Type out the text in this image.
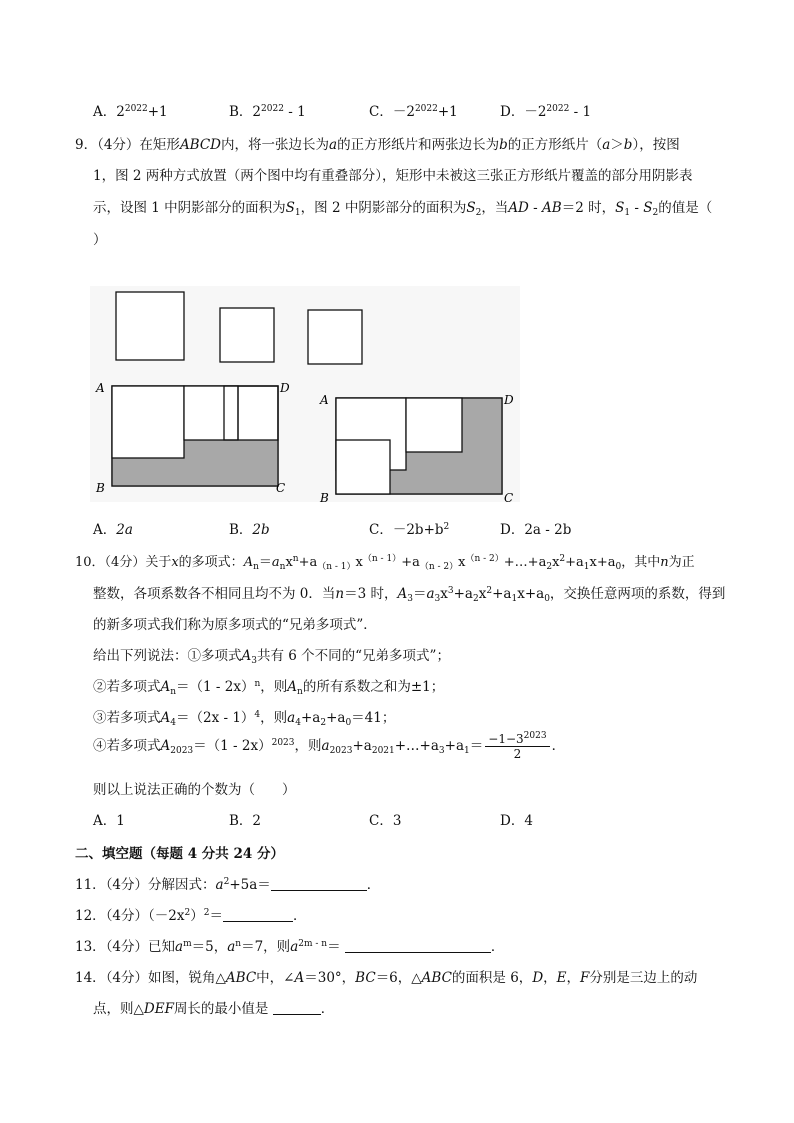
A．$2^{2022}+1$	B．$2^{2022} - 1$	C．$-2^{2022}+1$	D．$-2^{2022} - 1$
9．（4分）在矩形ABCD内，将一张边长为a的正方形纸片和两张边长为b的正方形纸片（a＞b），按图
1，图 2 两种方式放置（两个图中均有重叠部分），矩形中未被这三张正方形纸片覆盖的部分用阴影表
示，设图 1 中阴影部分的面积为$S_1$，图 2 中阴影部分的面积为$S_2$，当AD - AB＝2 时，$S_1 - S_2$的值是（
）
A
B	C
D
A
B	C
D
A．2a	B．2b	C．$-2b+b^2$	D．2a - 2b
10．（4分）关于x的多项式：$A_n=a_nx^n+a_{(n - 1)}x^{(n - 1)}+a_{(n - 2)}x^{(n - 2)}+\dots+a_2x^2+a_1x+a_0$，其中n为正
整数，各项系数各不相同且均不为 0．当n＝3 时，$A_3=a_3x^3+a_2x^2+a_1x+a_0$，交换任意两项的系数，得到
的新多项式我们称为原多项式的“兄弟多项式”．
给出下列说法：①多项式$A_3$共有 6 个不同的“兄弟多项式”；
②若多项式$A_n=(1 - 2x)^n$，则$A_n$的所有系数之和为±1；
③若多项式$A_4=(2x - 1)^4$，则$a_4+a_2+a_0=41$；
④若多项式$A_{2023}=(1 - 2x)^{2023}$，则$a_{2023}+a_{2021}+\dots+a_3+a_1= \frac{-1-3^{2023}}{2}$ ．
则以上说法正确的个数为（　　）
A．1	B．2	C．3	D．4
二、填空题（每题 4 分共 24 分）
11．（4分）分解因式：$a^2+5a=$	．
12．（4分）$(-2x^2)^2=$	．
13．（4分）已知$a^m=5$，$a^n=7$，则$a^{2m - n}=$	．
14．（4分）如图，锐角△ABC中，∠A＝30°，BC＝6，△ABC的面积是 6，D，E，F分别是三边上的动
点，则△DEF周长的最小值是	．
